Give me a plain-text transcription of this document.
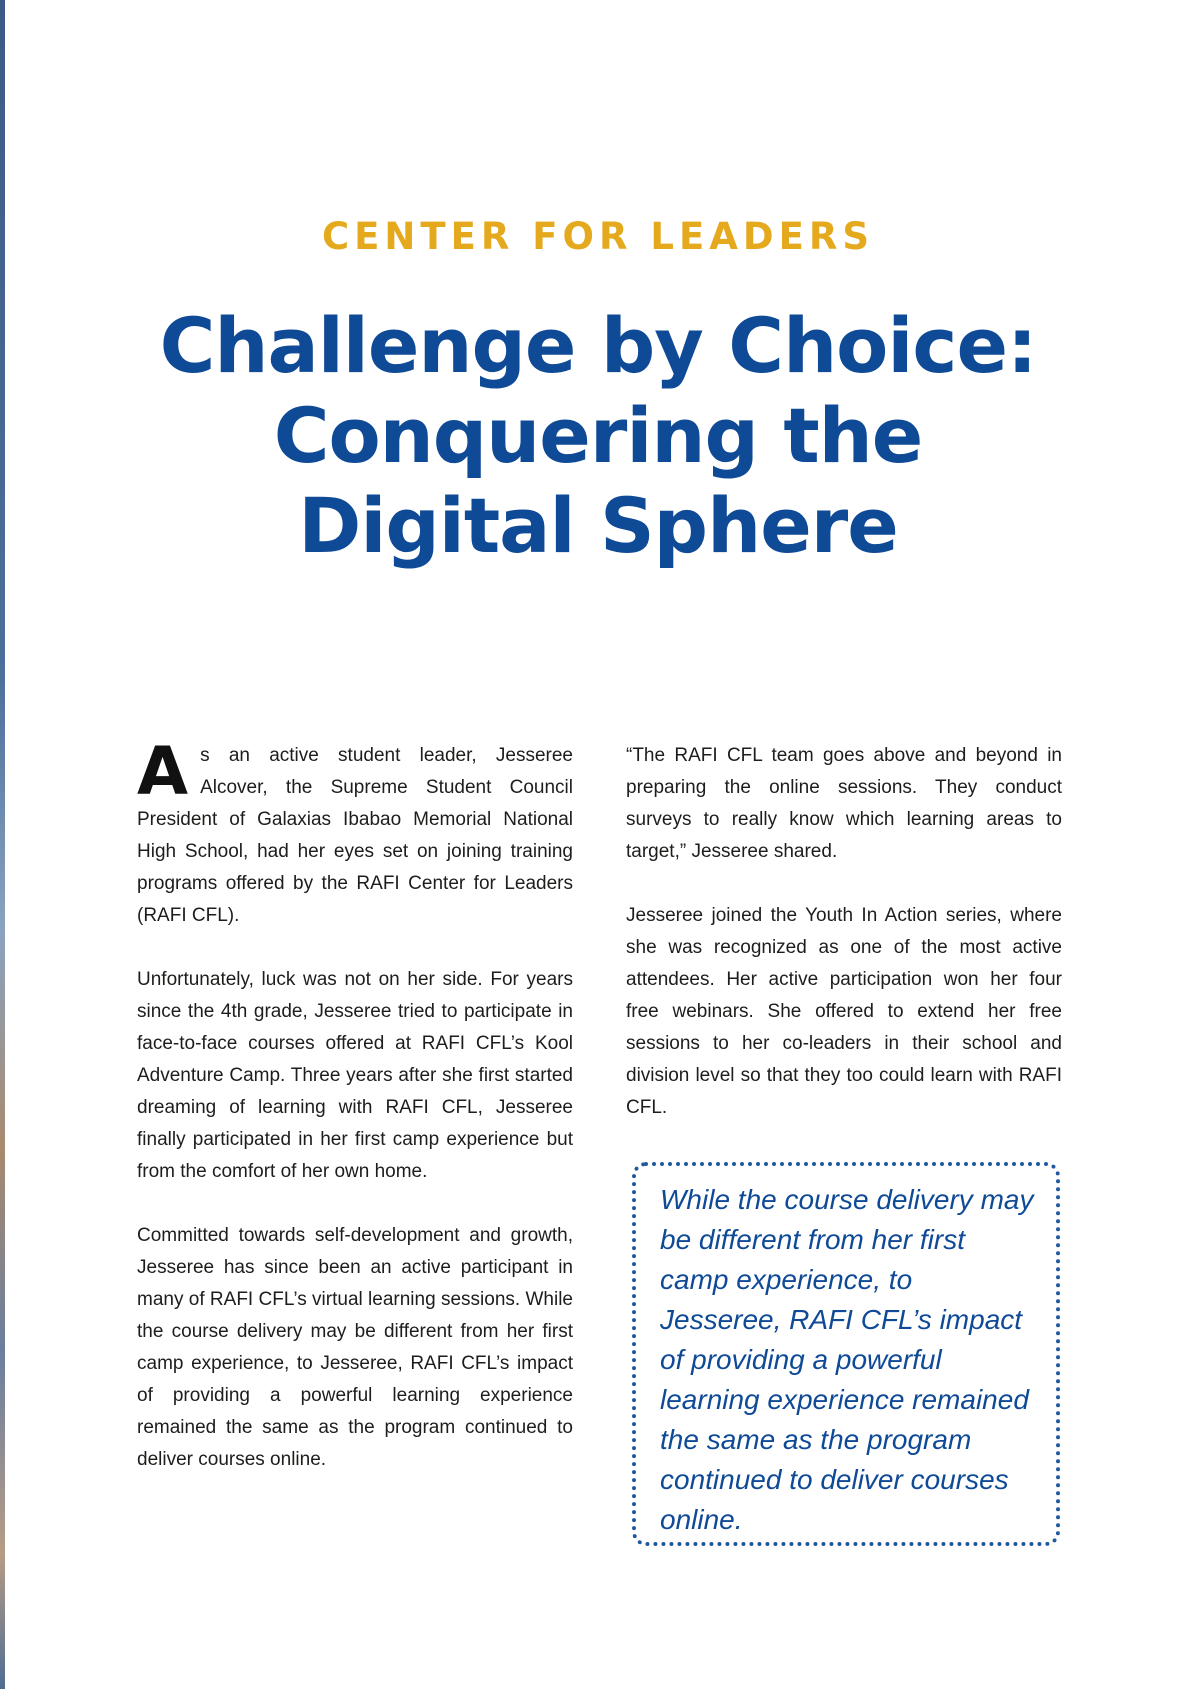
CENTER FOR LEADERS
Challenge by Choice:
Conquering the
Digital Sphere

As an active student leader, Jesseree Alcover, the Supreme Student Council President of Galaxias Ibabao Memorial National High School, had her eyes set on joining training programs offered by the RAFI Center for Leaders (RAFI CFL).

Unfortunately, luck was not on her side. For years since the 4th grade, Jesseree tried to participate in face-to-face courses offered at RAFI CFL’s Kool Adventure Camp. Three years after she first started dreaming of learning with RAFI CFL, Jesseree finally participated in her first camp experience but from the comfort of her own home.

Committed towards self-development and growth, Jesseree has since been an active participant in many of RAFI CFL’s virtual learning sessions. While the course delivery may be different from her first camp experience, to Jesseree, RAFI CFL’s impact of providing a powerful learning experience remained the same as the program continued to deliver courses online.

“The RAFI CFL team goes above and beyond in preparing the online sessions. They conduct surveys to really know which learning areas to target,” Jesseree shared.

Jesseree joined the Youth In Action series, where she was recognized as one of the most active attendees. Her active participation won her four free webinars. She offered to extend her free sessions to her co-leaders in their school and division level so that they too could learn with RAFI CFL.

While the course delivery may be different from her first camp experience, to Jesseree, RAFI CFL’s impact of providing a powerful learning experience remained the same as the program continued to deliver courses online.
